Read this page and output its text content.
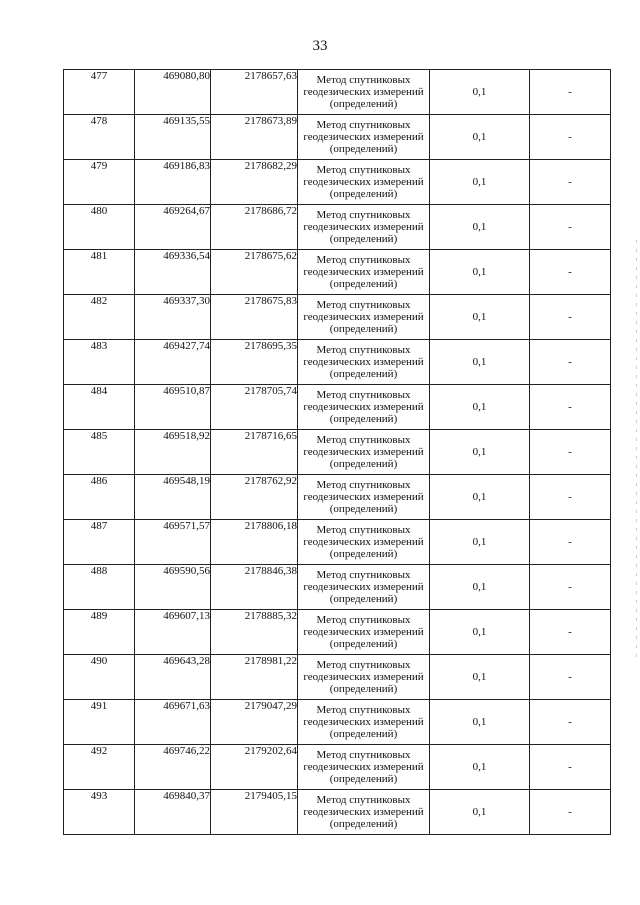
33
477	469080,80	2178657,63	Метод спутниковых
геодезических измерений
(определений)	0,1	-
478	469135,55	2178673,89	Метод спутниковых
геодезических измерений
(определений)	0,1	-
479	469186,83	2178682,29	Метод спутниковых
геодезических измерений
(определений)	0,1	-
480	469264,67	2178686,72	Метод спутниковых
геодезических измерений
(определений)	0,1	-
481	469336,54	2178675,62	Метод спутниковых
геодезических измерений
(определений)	0,1	-
482	469337,30	2178675,83	Метод спутниковых
геодезических измерений
(определений)	0,1	-
483	469427,74	2178695,35	Метод спутниковых
геодезических измерений
(определений)	0,1	-
484	469510,87	2178705,74	Метод спутниковых
геодезических измерений
(определений)	0,1	-
485	469518,92	2178716,65	Метод спутниковых
геодезических измерений
(определений)	0,1	-
486	469548,19	2178762,92	Метод спутниковых
геодезических измерений
(определений)	0,1	-
487	469571,57	2178806,18	Метод спутниковых
геодезических измерений
(определений)	0,1	-
488	469590,56	2178846,38	Метод спутниковых
геодезических измерений
(определений)	0,1	-
489	469607,13	2178885,32	Метод спутниковых
геодезических измерений
(определений)	0,1	-
490	469643,28	2178981,22	Метод спутниковых
геодезических измерений
(определений)	0,1	-
491	469671,63	2179047,29	Метод спутниковых
геодезических измерений
(определений)	0,1	-
492	469746,22	2179202,64	Метод спутниковых
геодезических измерений
(определений)	0,1	-
493	469840,37	2179405,15	Метод спутниковых
геодезических измерений
(определений)	0,1	-
